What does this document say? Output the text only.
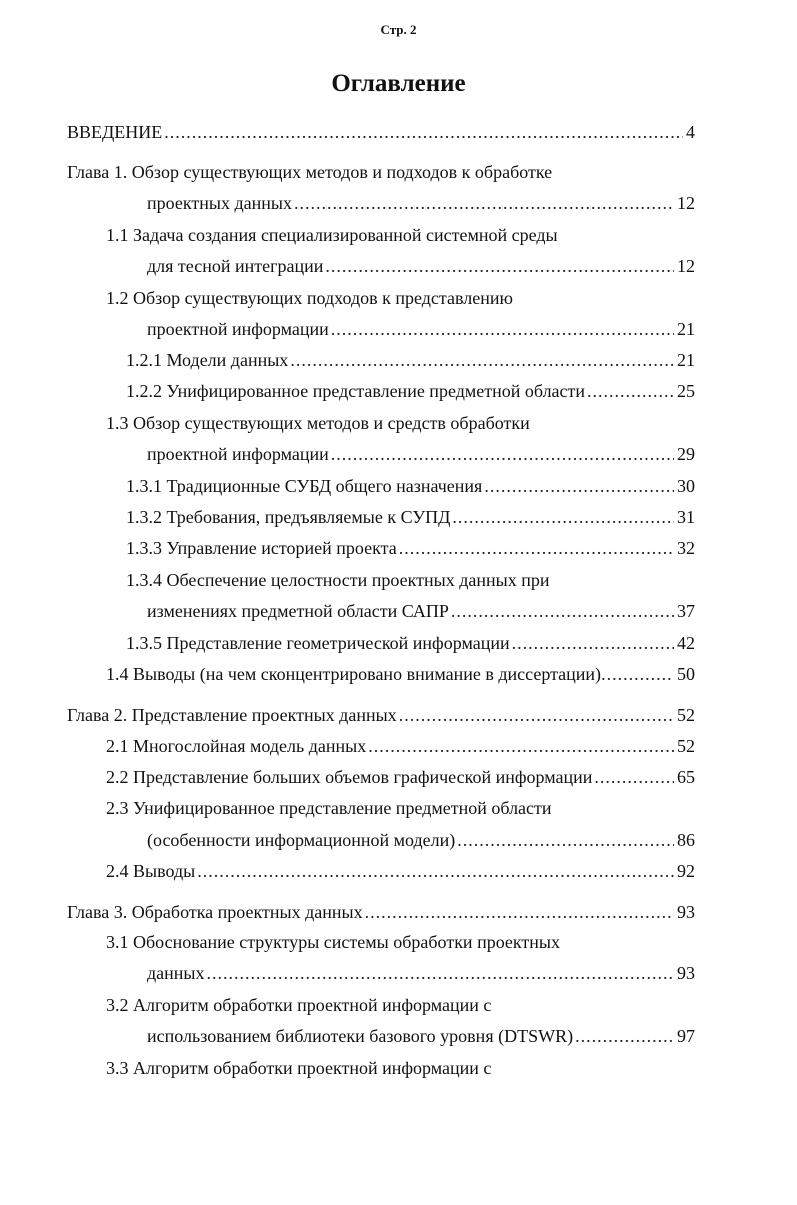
Стр. 2
Оглавление
ВВЕДЕНИЕ .....	4
Глава 1. Обзор существующих методов и подходов к обработке
проектных данных .....	12
1.1 Задача создания специализированной системной среды
для тесной интеграции .....	12
1.2 Обзор существующих подходов к представлению
проектной информации .....	21
1.2.1 Модели данных .....	21
1.2.2 Унифицированное представление предметной области .....	25
1.3 Обзор существующих методов и средств обработки
проектной информации .....	29
1.3.1 Традиционные СУБД общего назначения .....	30
1.3.2 Требования, предъявляемые к СУПД .....	31
1.3.3 Управление историей проекта .....	32
1.3.4 Обеспечение целостности проектных данных при
изменениях предметной области САПР .....	37
1.3.5 Представление геометрической информации .....	42
1.4 Выводы (на чем сконцентрировано внимание в диссертации) .....	50
Глава 2. Представление проектных данных .....	52
2.1 Многослойная модель данных .....	52
2.2 Представление больших объемов графической информации .....	65
2.3 Унифицированное представление предметной области
(особенности информационной модели) .....	86
2.4 Выводы .....	92
Глава 3. Обработка проектных данных .....	93
3.1 Обоснование структуры системы обработки проектных
данных .....	93
3.2 Алгоритм обработки проектной информации с
использованием библиотеки базового уровня (DTSWR) .....	97
3.3 Алгоритм обработки проектной информации с
